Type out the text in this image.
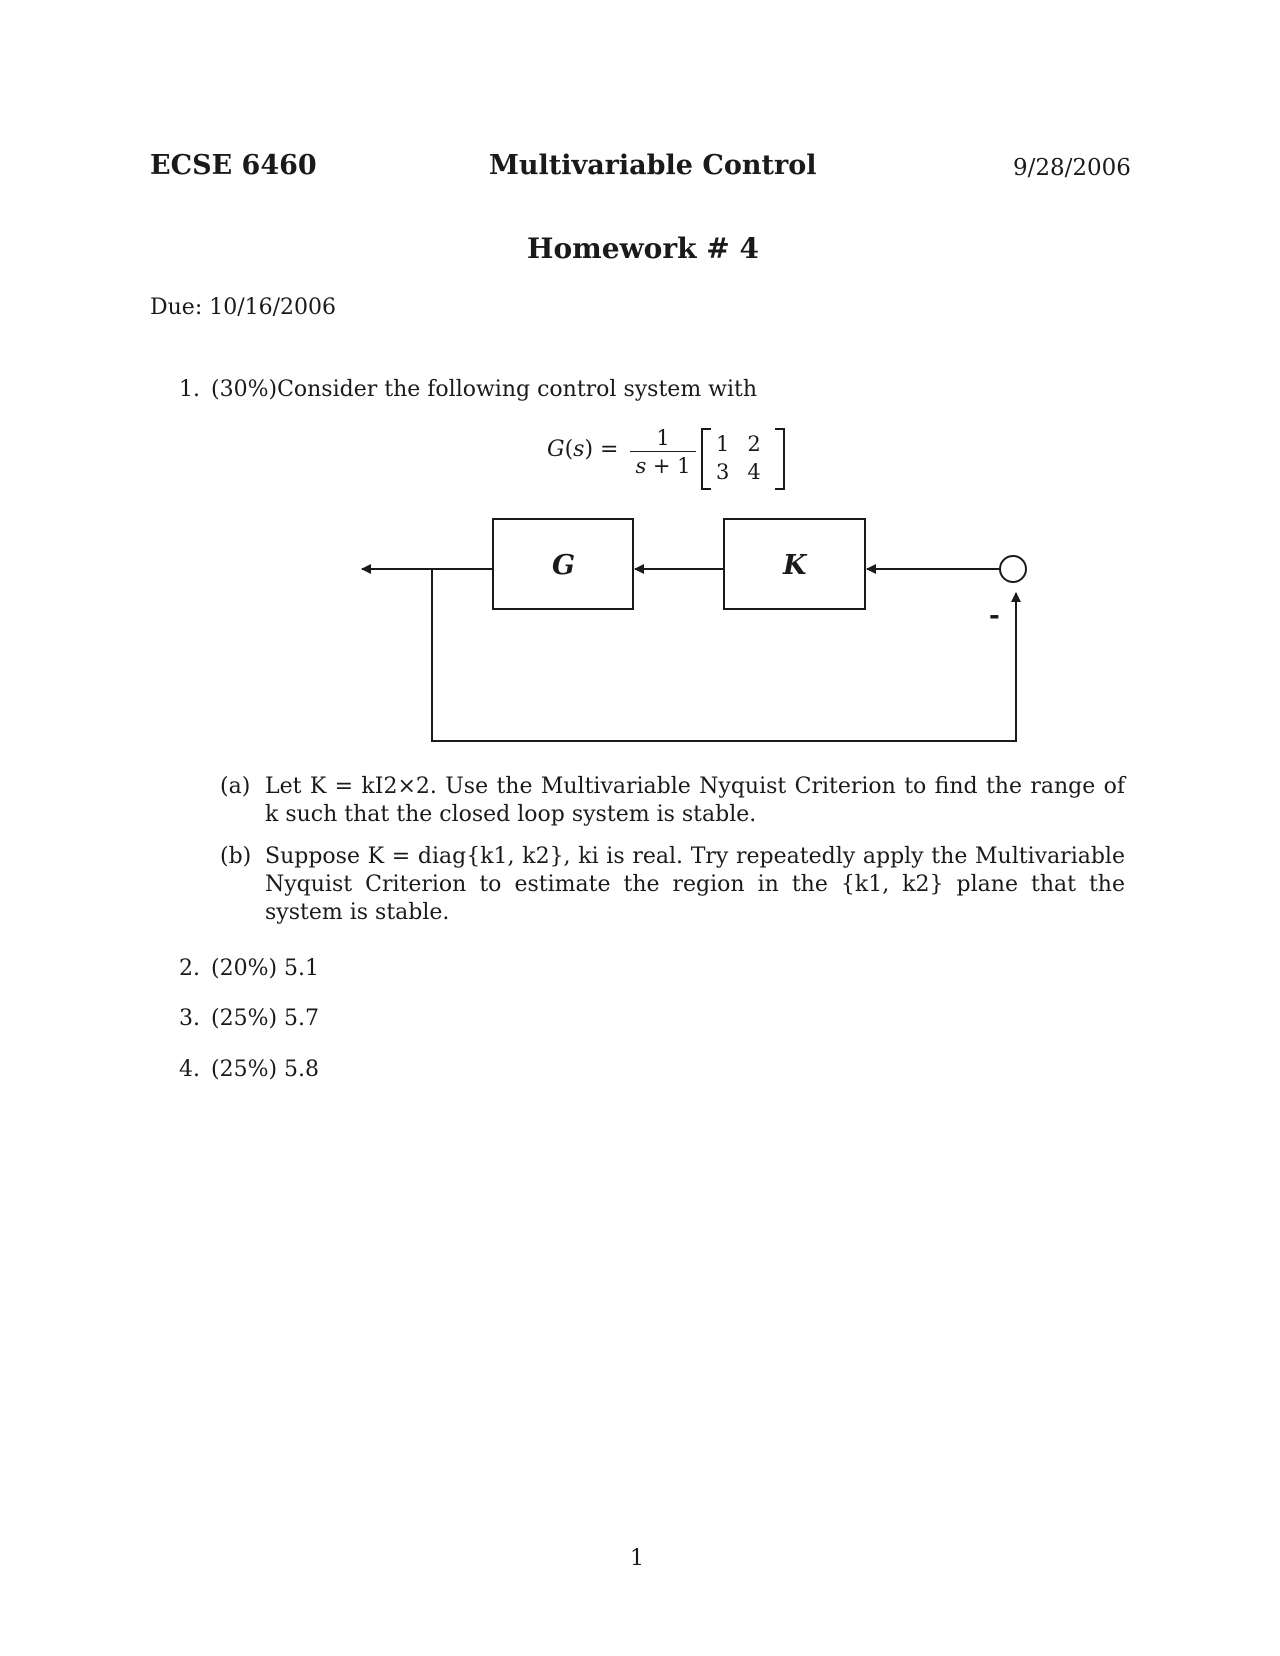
ECSE 6460	Multivariable Control	9/28/2006
Homework # 4
Due: 10/16/2006
1. (30%)Consider the following control system with
$G(s) = \frac{1}{s + 1} 1$	2
3	4
G	K
-
(a) Let K = kI2×2. Use the Multivariable Nyquist Criterion to find the range of k such that the closed loop system is stable.
(b) Suppose K = diag{k1, k2}, ki is real. Try repeatedly apply the Multivariable Nyquist Criterion to estimate the region in the {k1, k2} plane that the system is stable.
2. (20%) 5.1
3. (25%) 5.7
4. (25%) 5.8
1
